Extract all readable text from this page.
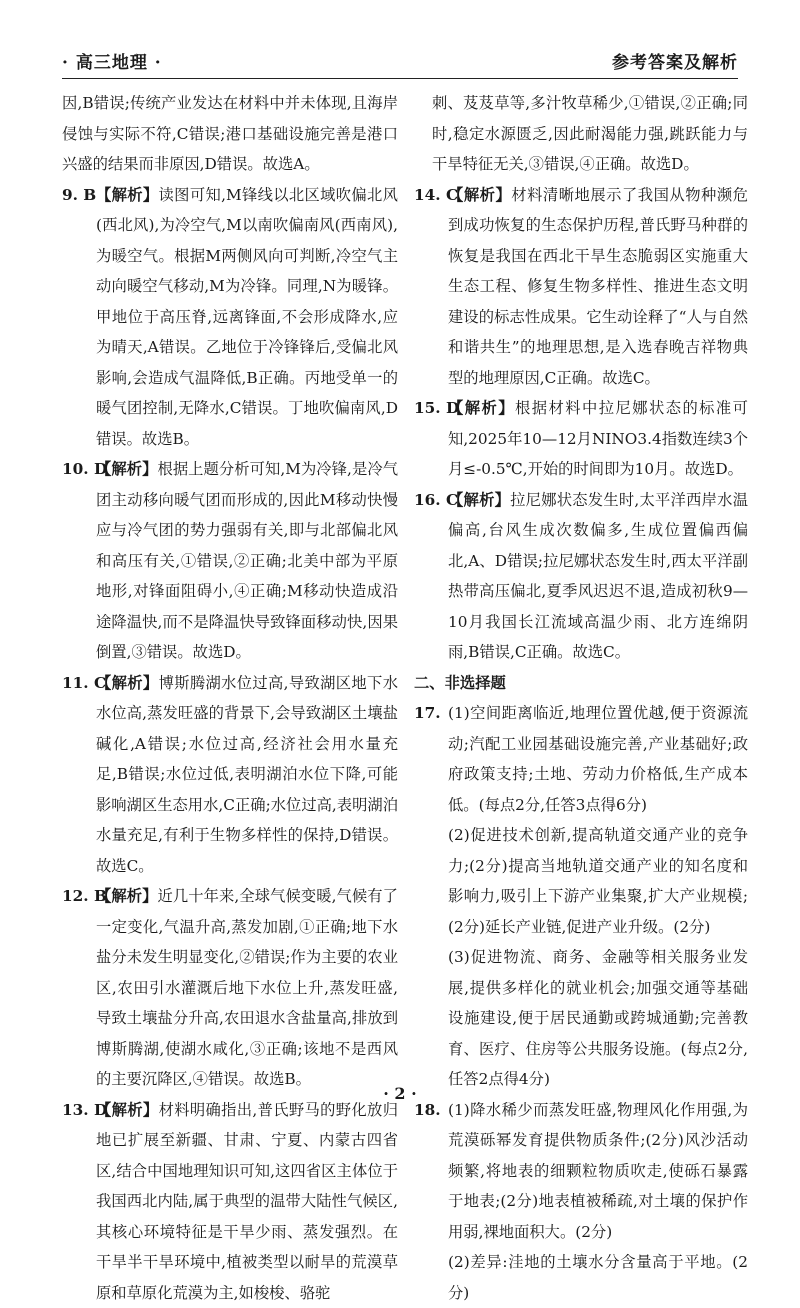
· 高三地理 ·	参考答案及解析

因,B错误;传统产业发达在材料中并未体现,且海岸侵蚀与实际不符,C错误;港口基础设施完善是港口兴盛的结果而非原因,D错误。故选A。

9. B 【解析】读图可知,M锋线以北区域吹偏北风(西北风),为冷空气,M以南吹偏南风(西南风),为暖空气。根据M两侧风向可判断,冷空气主动向暖空气移动,M为冷锋。同理,N为暖锋。甲地位于高压脊,远离锋面,不会形成降水,应为晴天,A错误。乙地位于冷锋锋后,受偏北风影响,会造成气温降低,B正确。丙地受单一的暖气团控制,无降水,C错误。丁地吹偏南风,D错误。故选B。

10. D
【解析】根据上题分析可知,M为冷锋,是冷气团主动移向暖气团而形成的,因此M移动快慢应与冷气团的势力强弱有关,即与北部偏北风和高压有关,①错误,②正确;北美中部为平原地形,对锋面阻碍小,④正确;M移动快造成沿途降温快,而不是降温快导致锋面移动快,因果倒置,③错误。故选D。

11. C
【解析】博斯腾湖水位过高,导致湖区地下水水位高,蒸发旺盛的背景下,会导致湖区土壤盐碱化,A错误;水位过高,经济社会用水量充足,B错误;水位过低,表明湖泊水位下降,可能影响湖区生态用水,C正确;水位过高,表明湖泊水量充足,有利于生物多样性的保持,D错误。故选C。

12. B
【解析】近几十年来,全球气候变暖,气候有了一定变化,气温升高,蒸发加剧,①正确;地下水盐分未发生明显变化,②错误;作为主要的农业区,农田引水灌溉后地下水位上升,蒸发旺盛,导致土壤盐分升高,农田退水含盐量高,排放到博斯腾湖,使湖水咸化,③正确;该地不是西风的主要沉降区,④错误。故选B。

13. D
【解析】材料明确指出,普氏野马的野化放归地已扩展至新疆、甘肃、宁夏、内蒙古四省区,结合中国地理知识可知,这四省区主体位于我国西北内陆,属于典型的温带大陆性气候区,其核心环境特征是干旱少雨、蒸发强烈。在干旱半干旱环境中,植被类型以耐旱的荒漠草原和草原化荒漠为主,如梭梭、骆驼

刺、芨芨草等,多汁牧草稀少,①错误,②正确;同时,稳定水源匮乏,因此耐渴能力强,跳跃能力与干旱特征无关,③错误,④正确。故选D。

14. C
【解析】材料清晰地展示了我国从物种濒危到成功恢复的生态保护历程,普氏野马种群的恢复是我国在西北干旱生态脆弱区实施重大生态工程、修复生物多样性、推进生态文明建设的标志性成果。它生动诠释了“人与自然和谐共生”的地理思想,是入选春晚吉祥物典型的地理原因,C正确。故选C。

15. D
【解析】根据材料中拉尼娜状态的标准可知,2025年10—12月NINO3.4指数连续3个月≤-0.5℃,开始的时间即为10月。故选D。

16. C
【解析】拉尼娜状态发生时,太平洋西岸水温偏高,台风生成次数偏多,生成位置偏西偏北,A、D错误;拉尼娜状态发生时,西太平洋副热带高压偏北,夏季风迟迟不退,造成初秋9—10月我国长江流域高温少雨、北方连绵阴雨,B错误,C正确。故选C。

二、非选择题

17. (1)空间距离临近,地理位置优越,便于资源流动;汽配工业园基础设施完善,产业基础好;政府政策支持;土地、劳动力价格低,生产成本低。(每点2分,任答3点得6分)

(2)促进技术创新,提高轨道交通产业的竞争力;(2分)提高当地轨道交通产业的知名度和影响力,吸引上下游产业集聚,扩大产业规模;(2分)延长产业链,促进产业升级。(2分)

(3)促进物流、商务、金融等相关服务业发展,提供多样化的就业机会;加强交通等基础设施建设,便于居民通勤或跨城通勤;完善教育、医疗、住房等公共服务设施。(每点2分,任答2点得4分)

18. (1)降水稀少而蒸发旺盛,物理风化作用强,为荒漠砾幂发育提供物质条件;(2分)风沙活动频繁,将地表的细颗粒物质吹走,使砾石暴露于地表;(2分)地表植被稀疏,对土壤的保护作用弱,裸地面积大。(2分)

(2)差异:洼地的土壤水分含量高于平地。(2分)

· 2 ·
